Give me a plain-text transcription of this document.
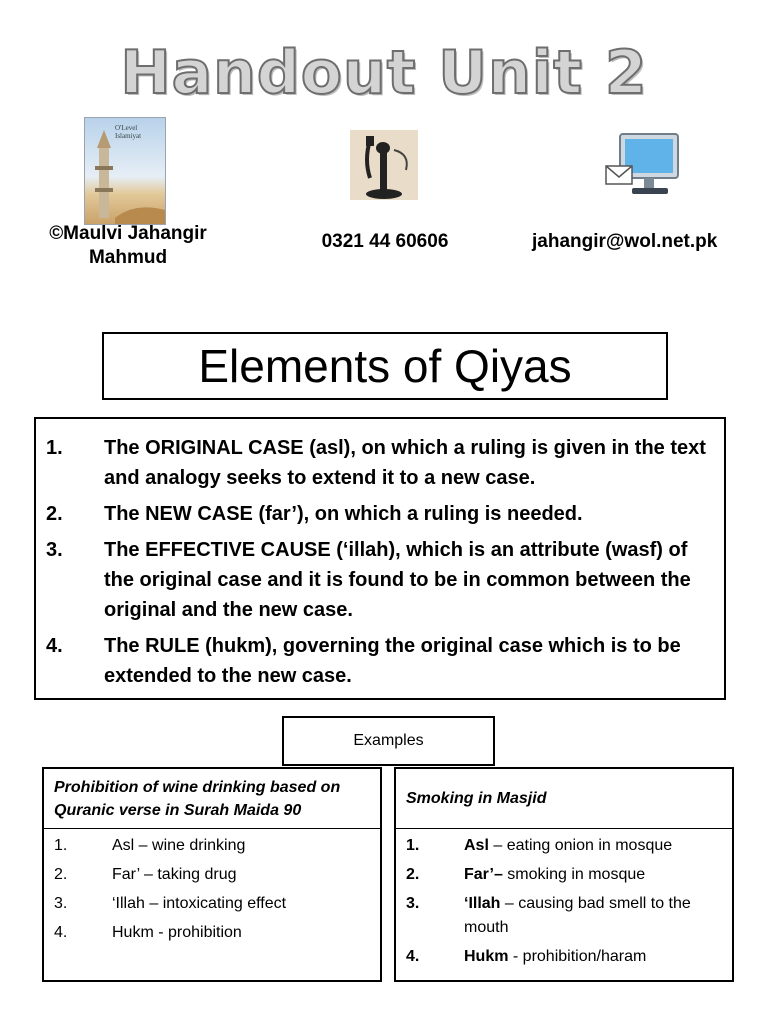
Handout Unit 2
O'Level Islamiyat
©Maulvi Jahangir Mahmud
0321 44 60606	jahangir@wol.net.pk
Elements of Qiyas
1.	The ORIGINAL CASE (asl), on which a ruling is given in the text and analogy seeks to extend it to a new case.
2.	The NEW CASE (far’), on which a ruling is needed.
3.	The EFFECTIVE CAUSE (‘illah), which is an attribute (wasf) of the original case and it is found to be in common between the original and the new case.
4.	The RULE (hukm), governing the original case which is to be extended to the new case.
Examples
Prohibition of wine drinking based on Quranic verse in Surah Maida 90
1.	Asl – wine drinking
2.	Far’ – taking drug
3.	‘Illah – intoxicating effect
4.	Hukm - prohibition
Smoking in Masjid
1.	Asl – eating onion in mosque
2.	Far’– smoking in mosque
3.	‘Illah – causing bad smell to the mouth
4.	Hukm - prohibition/haram
